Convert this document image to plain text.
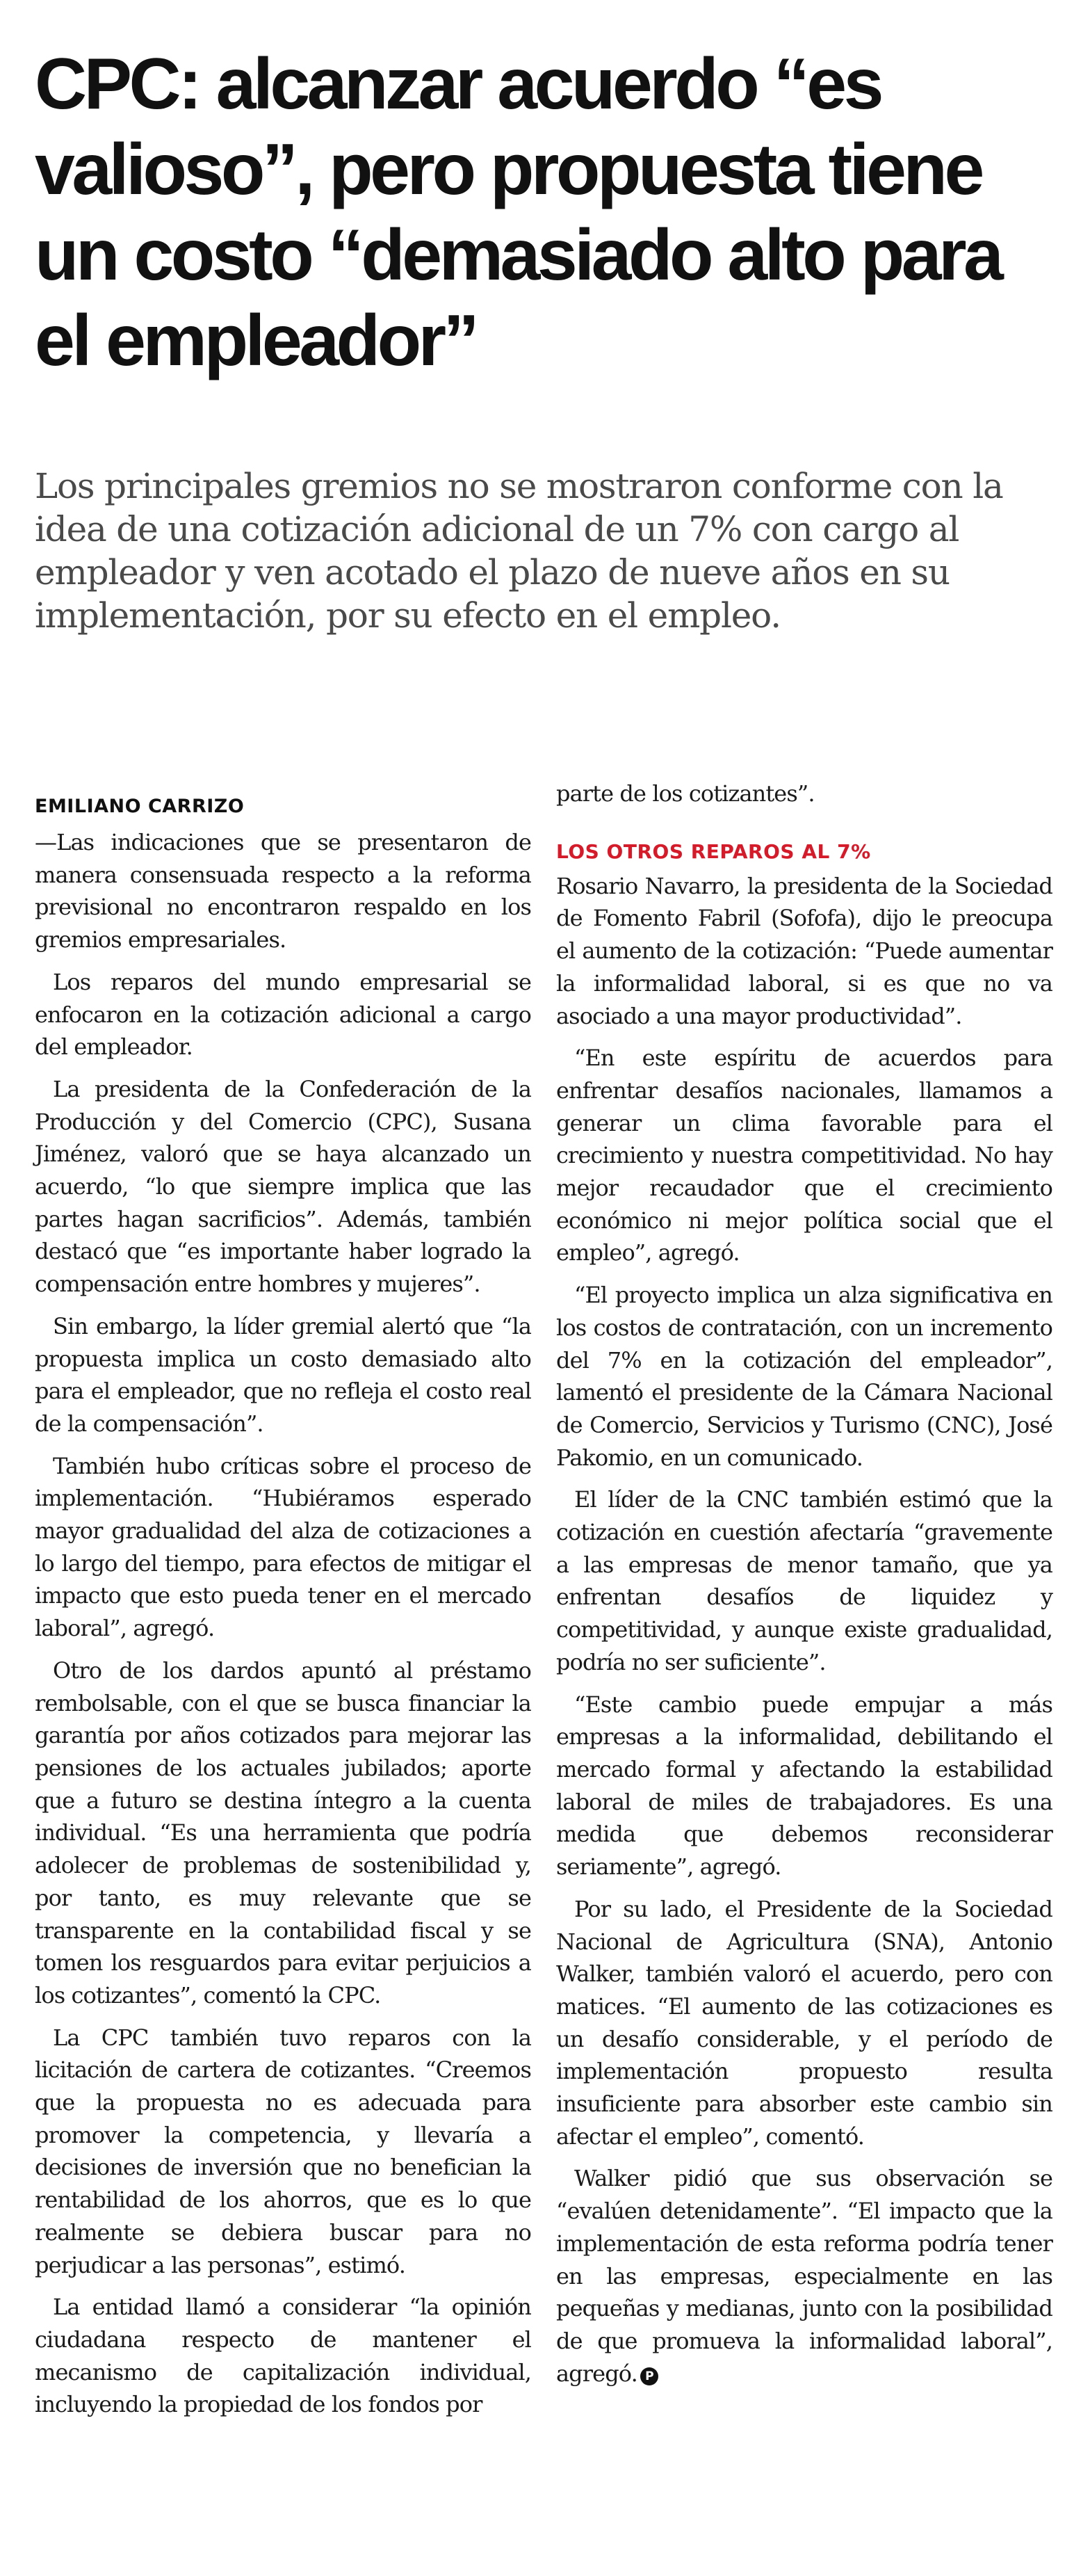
CPC: alcanzar acuerdo “es valioso”, pero propuesta tiene un costo “demasiado alto para el empleador”

Los principales gremios no se mostraron conforme con la idea de una cotización adicional de un 7% con cargo al empleador y ven acotado el plazo de nueve años en su implementación, por su efecto en el empleo.

EMILIANO CARRIZO

—Las indicaciones que se presentaron de manera consensuada respecto a la reforma previsional no encontraron respaldo en los gremios empresariales.

Los reparos del mundo empresarial se enfocaron en la cotización adicional a cargo del empleador.

La presidenta de la Confederación de la Producción y del Comercio (CPC), Susana Jiménez, valoró que se haya alcanzado un acuerdo, “lo que siempre implica que las partes hagan sacrificios”. Además, también destacó que “es importante haber logrado la compensación entre hombres y mujeres”.

Sin embargo, la líder gremial alertó que “la propuesta implica un costo demasiado alto para el empleador, que no refleja el costo real de la compensación”.

También hubo críticas sobre el proceso de implementación. “Hubiéramos esperado mayor gradualidad del alza de cotizaciones a lo largo del tiempo, para efectos de mitigar el impacto que esto pueda tener en el mercado laboral”, agregó.

Otro de los dardos apuntó al préstamo rembolsable, con el que se busca financiar la garantía por años cotizados para mejorar las pensiones de los actuales jubilados; aporte que a futuro se destina íntegro a la cuenta individual. “Es una herramienta que podría adolecer de problemas de sostenibilidad y, por tanto, es muy relevante que se transparente en la contabilidad fiscal y se tomen los resguardos para evitar perjuicios a los cotizantes”, comentó la CPC.

La CPC también tuvo reparos con la licitación de cartera de cotizantes. “Creemos que la propuesta no es adecuada para promover la competencia, y llevaría a decisiones de inversión que no benefician la rentabilidad de los ahorros, que es lo que realmente se debiera buscar para no perjudicar a las personas”, estimó.

La entidad llamó a considerar “la opinión ciudadana respecto de mantener el mecanismo de capitalización individual, incluyendo la propiedad de los fondos por

parte de los cotizantes”.

LOS OTROS REPAROS AL 7%

Rosario Navarro, la presidenta de la Sociedad de Fomento Fabril (Sofofa), dijo le preocupa el aumento de la cotización: “Puede aumentar la informalidad laboral, si es que no va asociado a una mayor productividad”.

“En este espíritu de acuerdos para enfrentar desafíos nacionales, llamamos a generar un clima favorable para el crecimiento y nuestra competitividad. No hay mejor recaudador que el crecimiento económico ni mejor política social que el empleo”, agregó.

“El proyecto implica un alza significativa en los costos de contratación, con un incremento del 7% en la cotización del empleador”, lamentó el presidente de la Cámara Nacional de Comercio, Servicios y Turismo (CNC), José Pakomio, en un comunicado.

El líder de la CNC también estimó que la cotización en cuestión afectaría “gravemente a las empresas de menor tamaño, que ya enfrentan desafíos de liquidez y competitividad, y aunque existe gradualidad, podría no ser suficiente”.

“Este cambio puede empujar a más empresas a la informalidad, debilitando el mercado formal y afectando la estabilidad laboral de miles de trabajadores. Es una medida que debemos reconsiderar seriamente”, agregó.

Por su lado, el Presidente de la Sociedad Nacional de Agricultura (SNA), Antonio Walker, también valoró el acuerdo, pero con matices. “El aumento de las cotizaciones es un desafío considerable, y el período de implementación propuesto resulta insuficiente para absorber este cambio sin afectar el empleo”, comentó.

Walker pidió que sus observación se “evalúen detenidamente”. “El impacto que la implementación de esta reforma podría tener en las empresas, especialmente en las pequeñas y medianas, junto con la posibilidad de que promueva la informalidad laboral”, agregó. P
